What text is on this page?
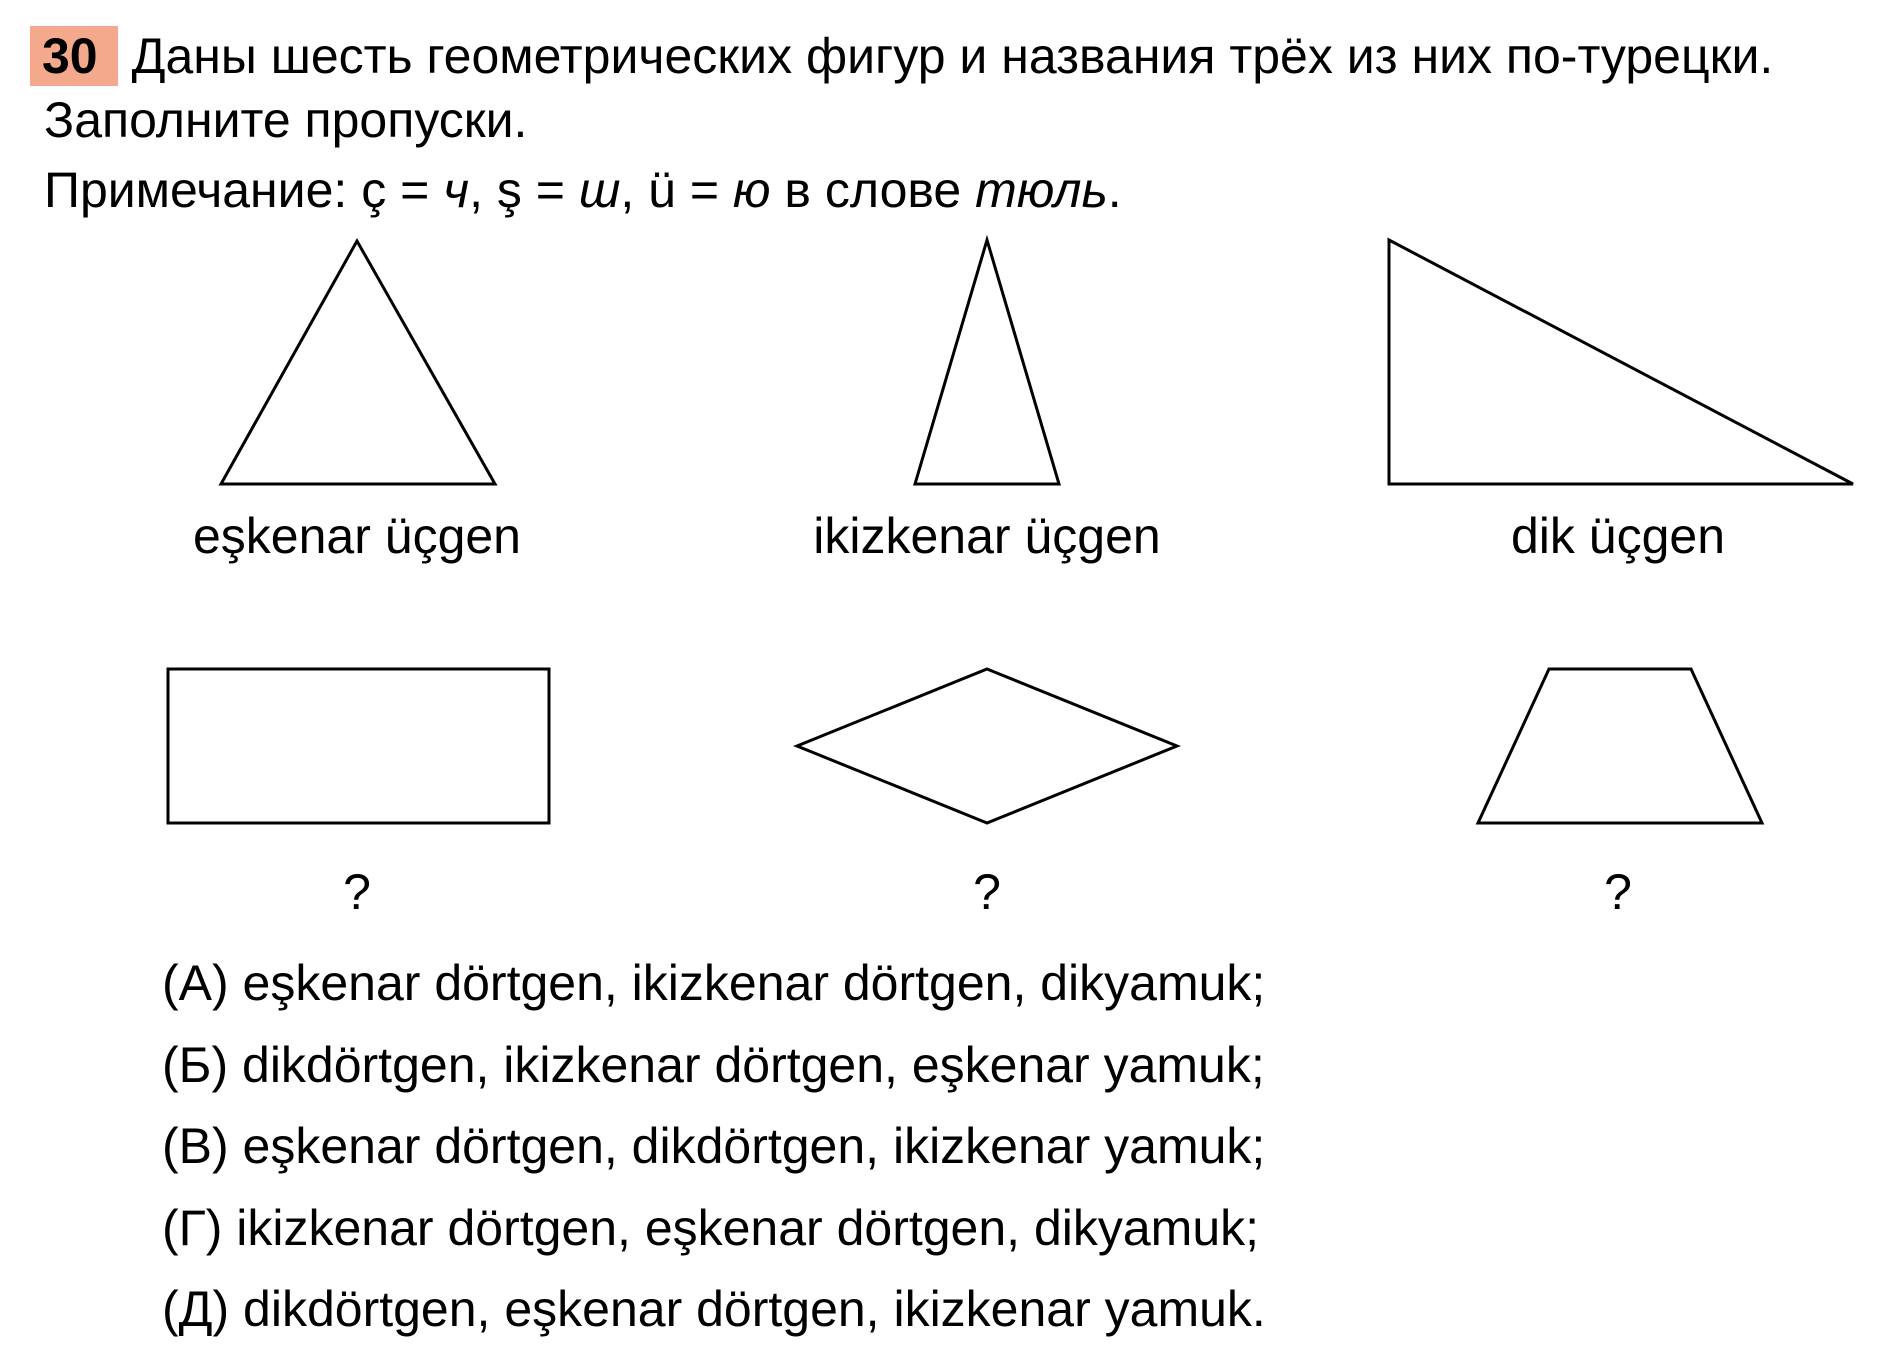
30 Даны шесть геометрических фигур и названия трёх из них по-турецки.
Заполните пропуски.
Примечание: ç = ч, ş = ш, ü = ю в слове тюль.
eşkenar üçgen	ikizkenar üçgen	dik üçgen
?	?	?
(А) eşkenar dörtgen, ikizkenar dörtgen, dikyamuk;
(Б) dikdörtgen, ikizkenar dörtgen, eşkenar yamuk;
(В) eşkenar dörtgen, dikdörtgen, ikizkenar yamuk;
(Г) ikizkenar dörtgen, eşkenar dörtgen, dikyamuk;
(Д) dikdörtgen, eşkenar dörtgen, ikizkenar yamuk.
